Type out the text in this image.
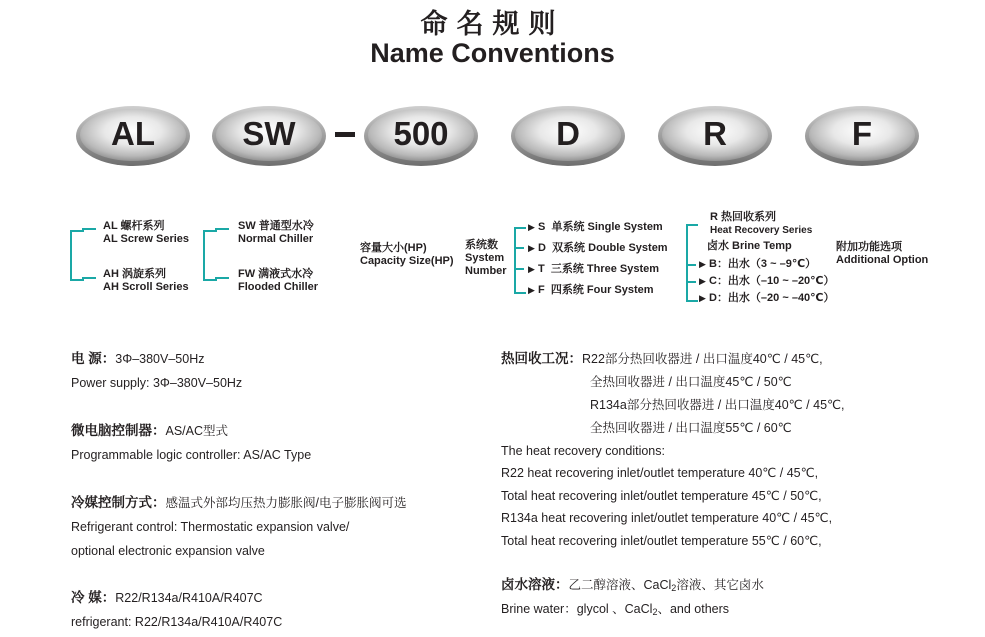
命名规则
Name Conventions
AL	SW	500	D	R	F
AL 螺杆系列
AL Screw Series
AH 涡旋系列
AH Scroll Series
SW 普通型水冷
Normal Chiller
FW 满液式水冷
Flooded Chiller
容量大小(HP)
Capacity Size(HP)
系统数
System
Number
▶ S 单系统 Single System
▶ D 双系统 Double System
▶ T 三系统 Three System
▶ F 四系统 Four System
R 热回收系列
Heat Recovery Series
卤水 Brine Temp
▶ B：出水（3 ~ –9℃）
▶ C：出水（–10 ~ –20℃）
▶ D：出水（–20 ~ –40℃）
附加功能选项
Additional Option
电 源：3Φ–380V–50Hz
Power supply: 3Φ–380V–50Hz
微电脑控制器：AS/AC型式
Programmable logic controller: AS/AC Type
冷媒控制方式：感温式外部均压热力膨胀阀/电子膨胀阀可选
Refrigerant control: Thermostatic expansion valve/
optional electronic expansion valve
冷 媒：R22/R134a/R410A/R407C
refrigerant: R22/R134a/R410A/R407C
热回收工况：R22部分热回收器进 / 出口温度40℃ / 45℃,
全热回收器进 / 出口温度45℃ / 50℃
R134a部分热回收器进 / 出口温度40℃ / 45℃,
全热回收器进 / 出口温度55℃ / 60℃
The heat recovery conditions:
R22 heat recovering inlet/outlet temperature 40℃ / 45℃,
Total heat recovering inlet/outlet temperature 45℃ / 50℃,
R134a heat recovering inlet/outlet temperature 40℃ / 45℃,
Total heat recovering inlet/outlet temperature 55℃ / 60℃,
卤水溶液：乙二醇溶液、CaCl$_2$溶液、其它卤水
Brine water：glycol 、CaCl$_2$、and others
